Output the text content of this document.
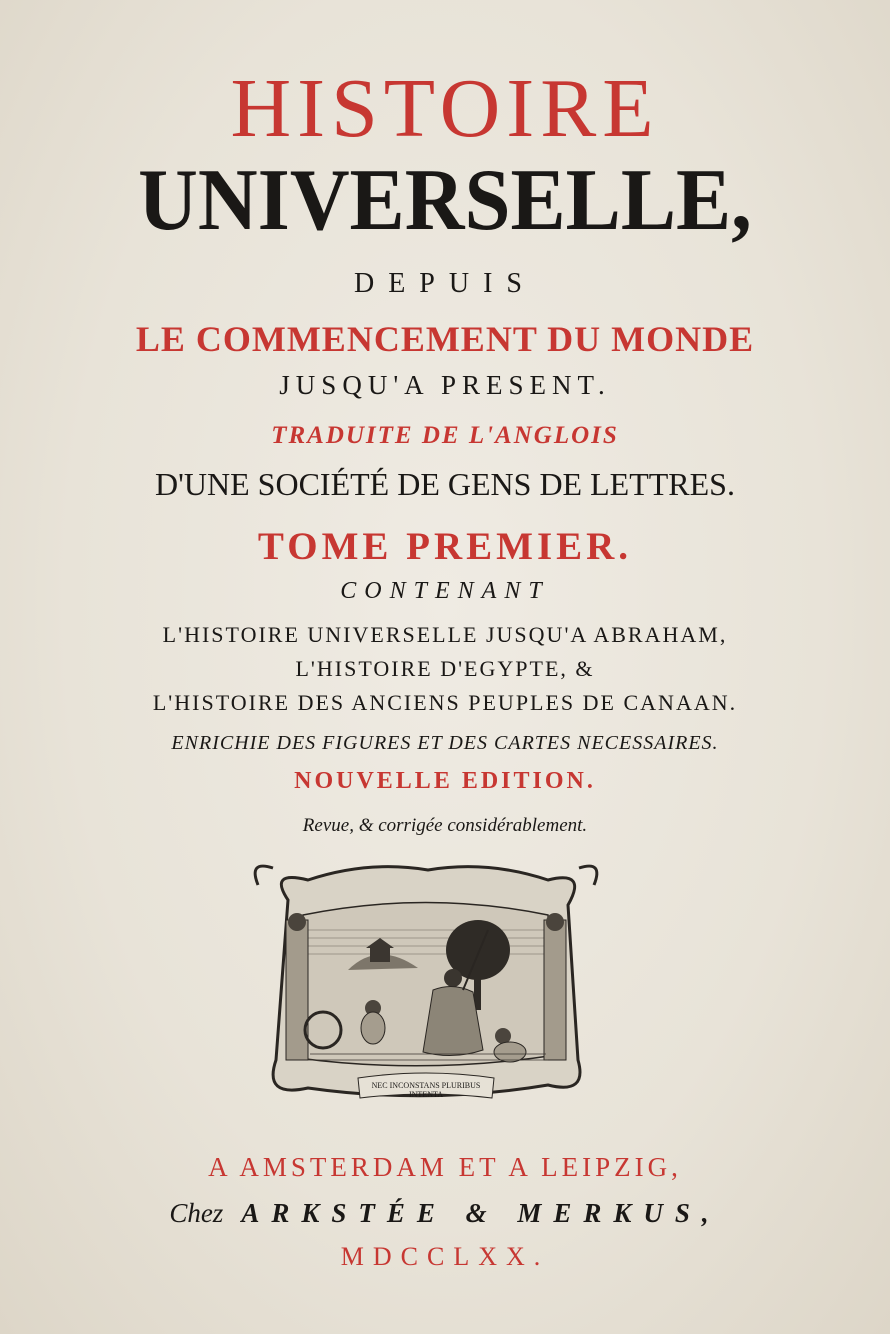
HISTOIRE
UNIVERSELLE,
DEPUIS
LE COMMENCEMENT DU MONDE
JUSQU'A PRESENT.
TRADUITE DE L'ANGLOIS
D'UNE SOCIÉTÉ DE GENS DE LETTRES.
TOME PREMIER.
CONTENANT
L'HISTOIRE UNIVERSELLE JUSQU'A ABRAHAM,
L'HISTOIRE D'EGYPTE, &
L'HISTOIRE DES ANCIENS PEUPLES DE CANAAN.
ENRICHIE DES FIGURES ET DES CARTES NECESSAIRES.
NOUVELLE EDITION.
Revue, & corrigée considérablement.
NEC INCONSTANS PLURIBUS
INTENTA
A AMSTERDAM ET A LEIPZIG,
Chez ARKSTÉE & MERKUS,
MDCCLXX.
